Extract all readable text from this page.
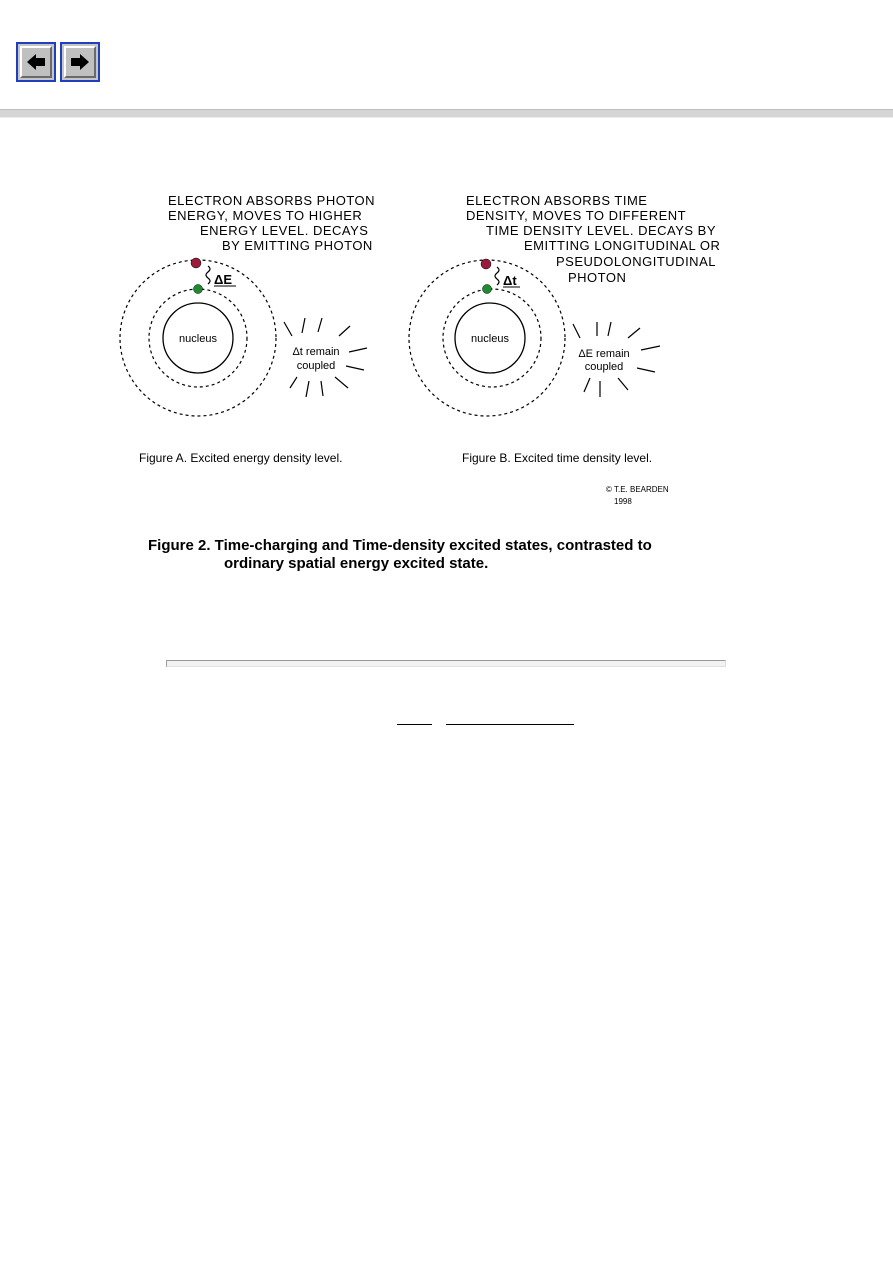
ELECTRON ABSORBS PHOTON
ENERGY, MOVES TO HIGHER
ENERGY LEVEL. DECAYS
BY EMITTING PHOTON
nucleus
ΔE
Δt remain
coupled
Figure A. Excited energy density level.
ELECTRON ABSORBS TIME
DENSITY, MOVES TO DIFFERENT
TIME DENSITY LEVEL. DECAYS BY
EMITTING LONGITUDINAL OR
PSEUDOLONGITUDINAL
PHOTON
nucleus
Δt
ΔE remain
coupled
Figure B. Excited time density level.
© T.E. BEARDEN
1998
Figure 2. Time-charging and Time-density excited states, contrasted to
ordinary spatial energy excited state.
